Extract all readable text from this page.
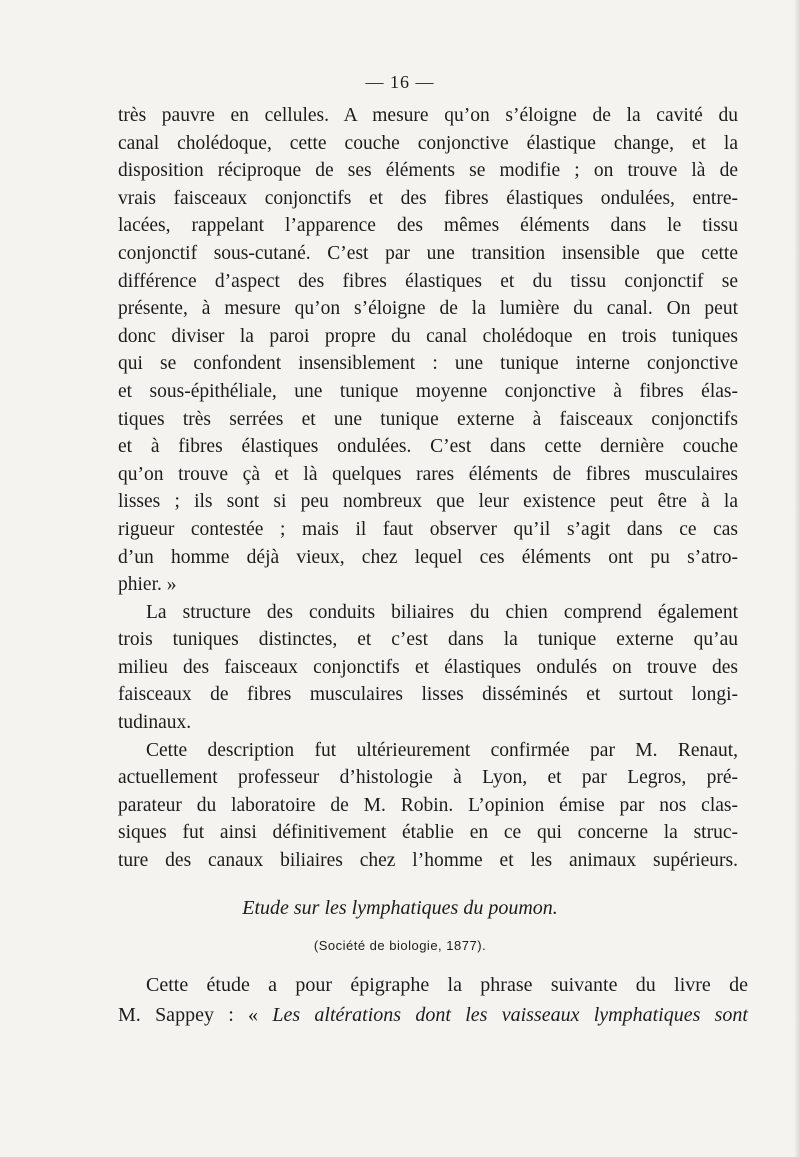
— 16 —
très pauvre en cellules. A mesure qu’on s’éloigne de la cavité du
canal cholédoque, cette couche conjonctive élastique change, et la
disposition réciproque de ses éléments se modifie ; on trouve là de
vrais faisceaux conjonctifs et des fibres élastiques ondulées, entre-
lacées, rappelant l’apparence des mêmes éléments dans le tissu
conjonctif sous-cutané. C’est par une transition insensible que cette
différence d’aspect des fibres élastiques et du tissu conjonctif se
présente, à mesure qu’on s’éloigne de la lumière du canal. On peut
donc diviser la paroi propre du canal cholédoque en trois tuniques
qui se confondent insensiblement : une tunique interne conjonctive
et sous-épithéliale, une tunique moyenne conjonctive à fibres élas-
tiques très serrées et une tunique externe à faisceaux conjonctifs
et à fibres élastiques ondulées. C’est dans cette dernière couche
qu’on trouve çà et là quelques rares éléments de fibres musculaires
lisses ; ils sont si peu nombreux que leur existence peut être à la
rigueur contestée ; mais il faut observer qu’il s’agit dans ce cas
d’un homme déjà vieux, chez lequel ces éléments ont pu s’atro-
phier. »
La structure des conduits biliaires du chien comprend également
trois tuniques distinctes, et c’est dans la tunique externe qu’au
milieu des faisceaux conjonctifs et élastiques ondulés on trouve des
faisceaux de fibres musculaires lisses disséminés et surtout longi-
tudinaux.
Cette description fut ultérieurement confirmée par M. Renaut,
actuellement professeur d’histologie à Lyon, et par Legros, pré-
parateur du laboratoire de M. Robin. L’opinion émise par nos clas-
siques fut ainsi définitivement établie en ce qui concerne la struc-
ture des canaux biliaires chez l’homme et les animaux supérieurs.
Etude sur les lymphatiques du poumon.
(Société de biologie, 1877).
Cette étude a pour épigraphe la phrase suivante du livre de
M. Sappey : « Les altérations dont les vaisseaux lymphatiques sont
